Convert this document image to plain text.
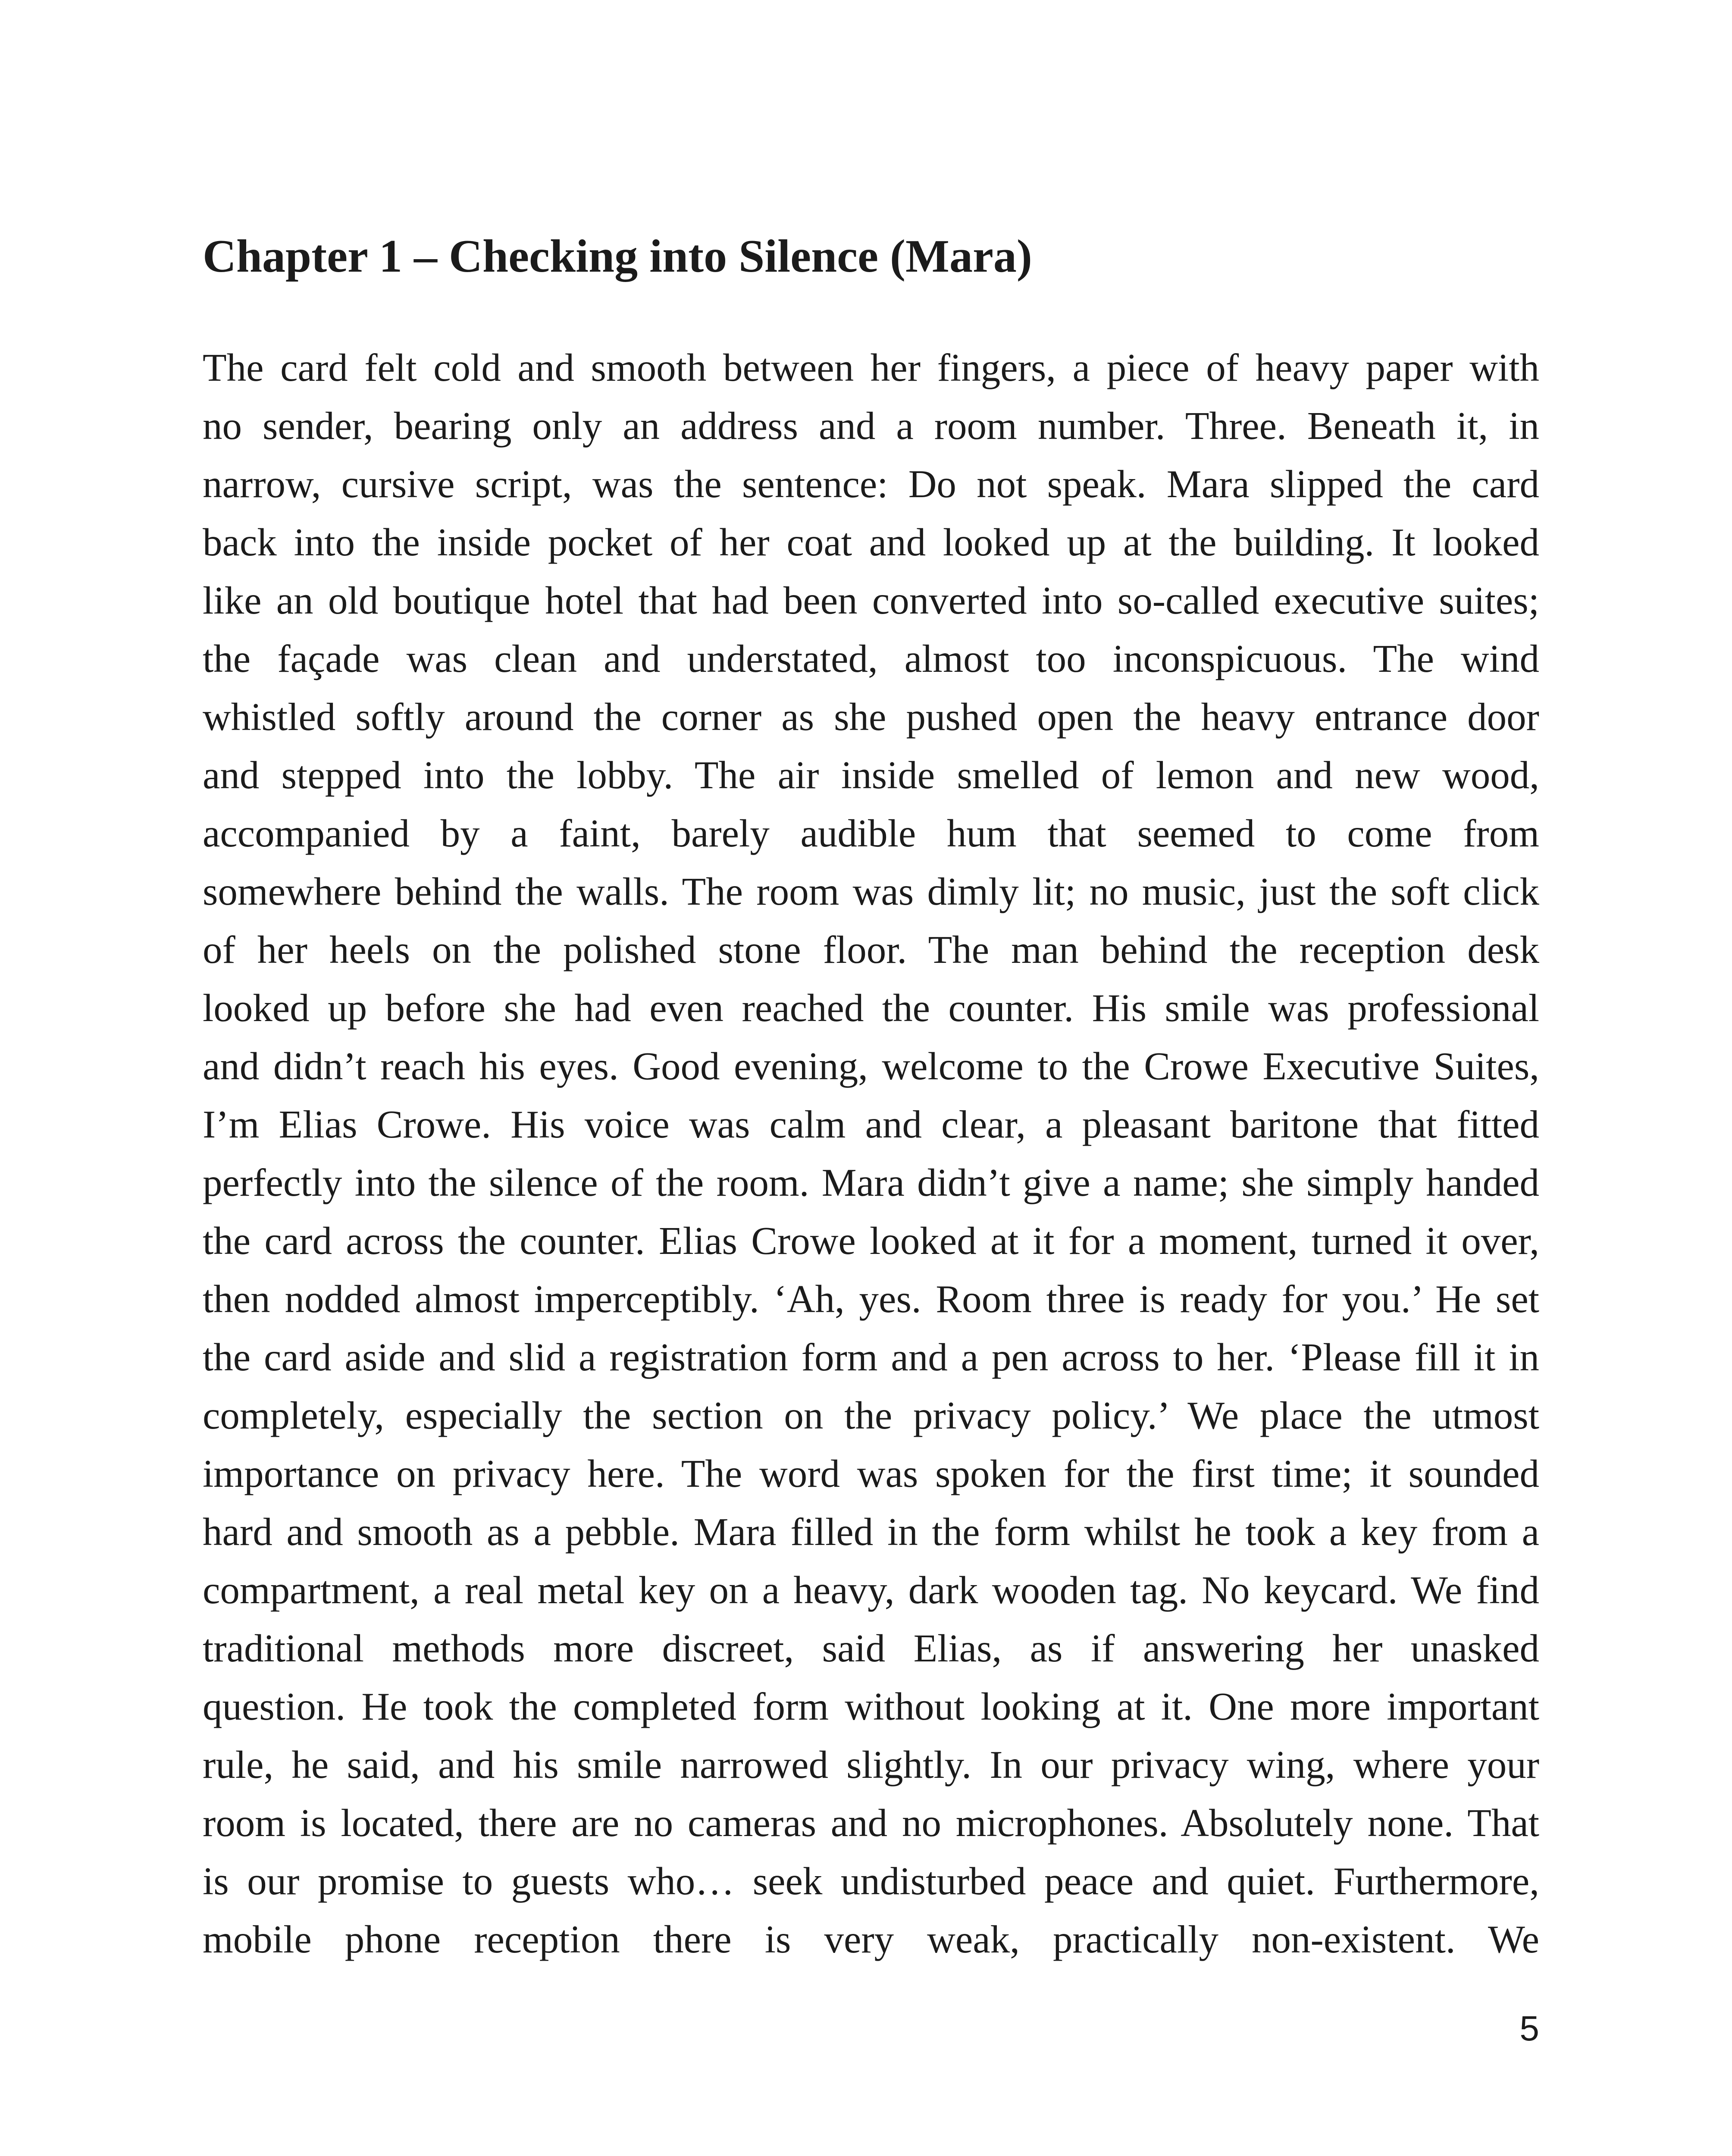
Chapter 1 – Checking into Silence (Mara)
The card felt cold and smooth between her fingers, a piece of heavy paper with
no sender, bearing only an address and a room number. Three. Beneath it, in
narrow, cursive script, was the sentence: Do not speak. Mara slipped the card
back into the inside pocket of her coat and looked up at the building. It looked
like an old boutique hotel that had been converted into so-called executive suites;
the façade was clean and understated, almost too inconspicuous. The wind
whistled softly around the corner as she pushed open the heavy entrance door
and stepped into the lobby. The air inside smelled of lemon and new wood,
accompanied by a faint, barely audible hum that seemed to come from
somewhere behind the walls. The room was dimly lit; no music, just the soft click
of her heels on the polished stone floor. The man behind the reception desk
looked up before she had even reached the counter. His smile was professional
and didn’t reach his eyes. Good evening, welcome to the Crowe Executive Suites,
I’m Elias Crowe. His voice was calm and clear, a pleasant baritone that fitted
perfectly into the silence of the room. Mara didn’t give a name; she simply handed
the card across the counter. Elias Crowe looked at it for a moment, turned it over,
then nodded almost imperceptibly. ‘Ah, yes. Room three is ready for you.’ He set
the card aside and slid a registration form and a pen across to her. ‘Please fill it in
completely, especially the section on the privacy policy.’ We place the utmost
importance on privacy here. The word was spoken for the first time; it sounded
hard and smooth as a pebble. Mara filled in the form whilst he took a key from a
compartment, a real metal key on a heavy, dark wooden tag. No keycard. We find
traditional methods more discreet, said Elias, as if answering her unasked
question. He took the completed form without looking at it. One more important
rule, he said, and his smile narrowed slightly. In our privacy wing, where your
room is located, there are no cameras and no microphones. Absolutely none. That
is our promise to guests who… seek undisturbed peace and quiet. Furthermore,
mobile phone reception there is very weak, practically non-existent. We
5
